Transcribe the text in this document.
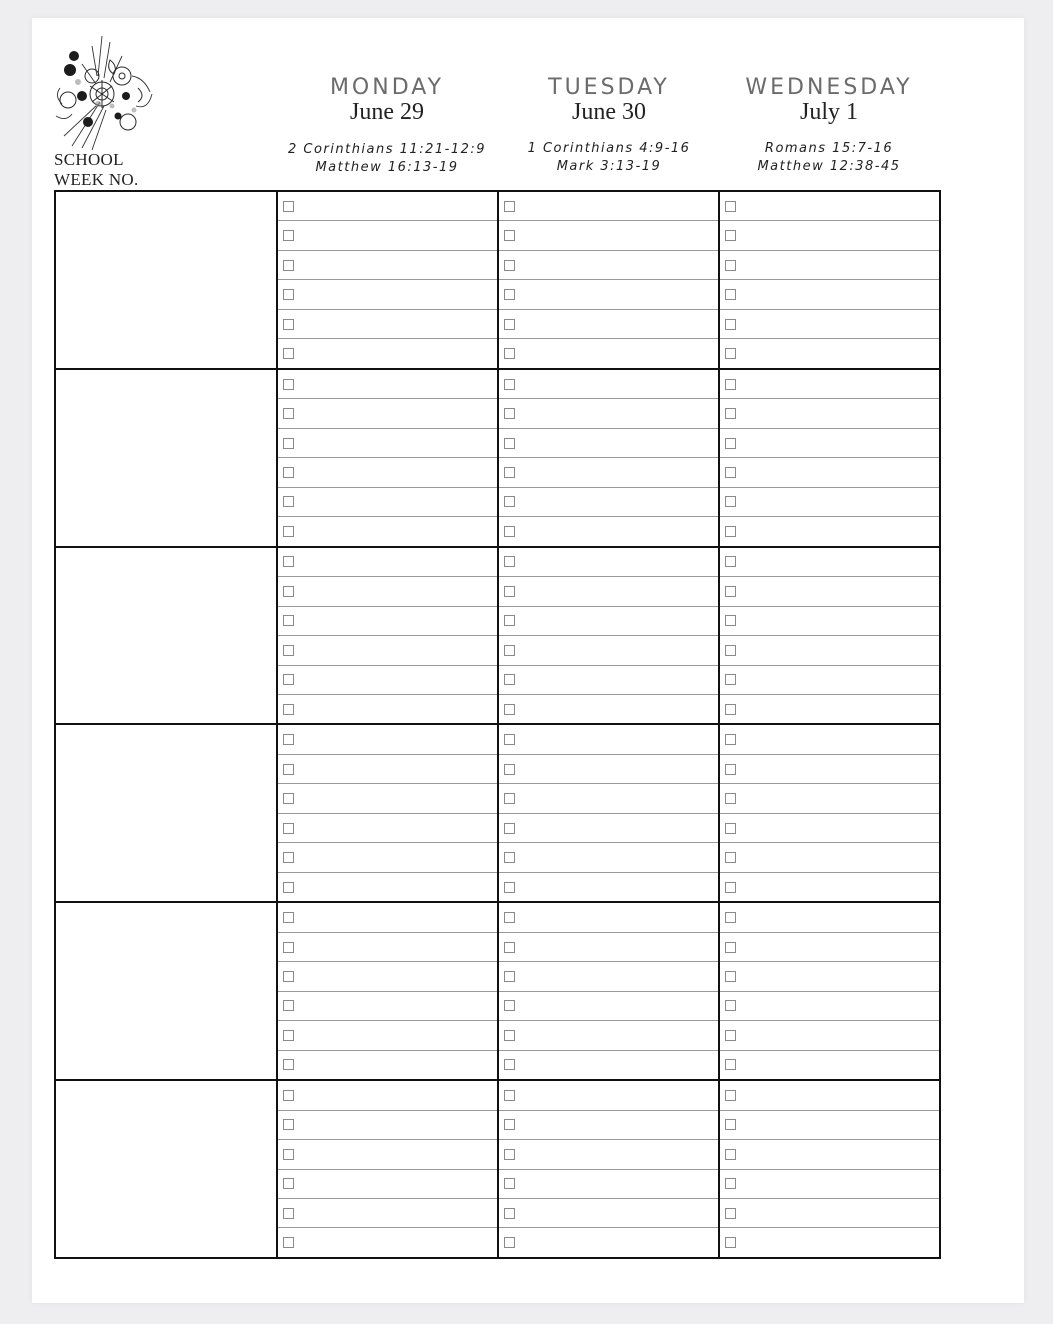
SCHOOL
WEEK NO.
MONDAY
June 29
2 Corinthians 11:21-12:9
Matthew 16:13-19
TUESDAY
June 30
1 Corinthians 4:9-16
Mark 3:13-19
WEDNESDAY
July 1
Romans 15:7-16
Matthew 12:38-45
